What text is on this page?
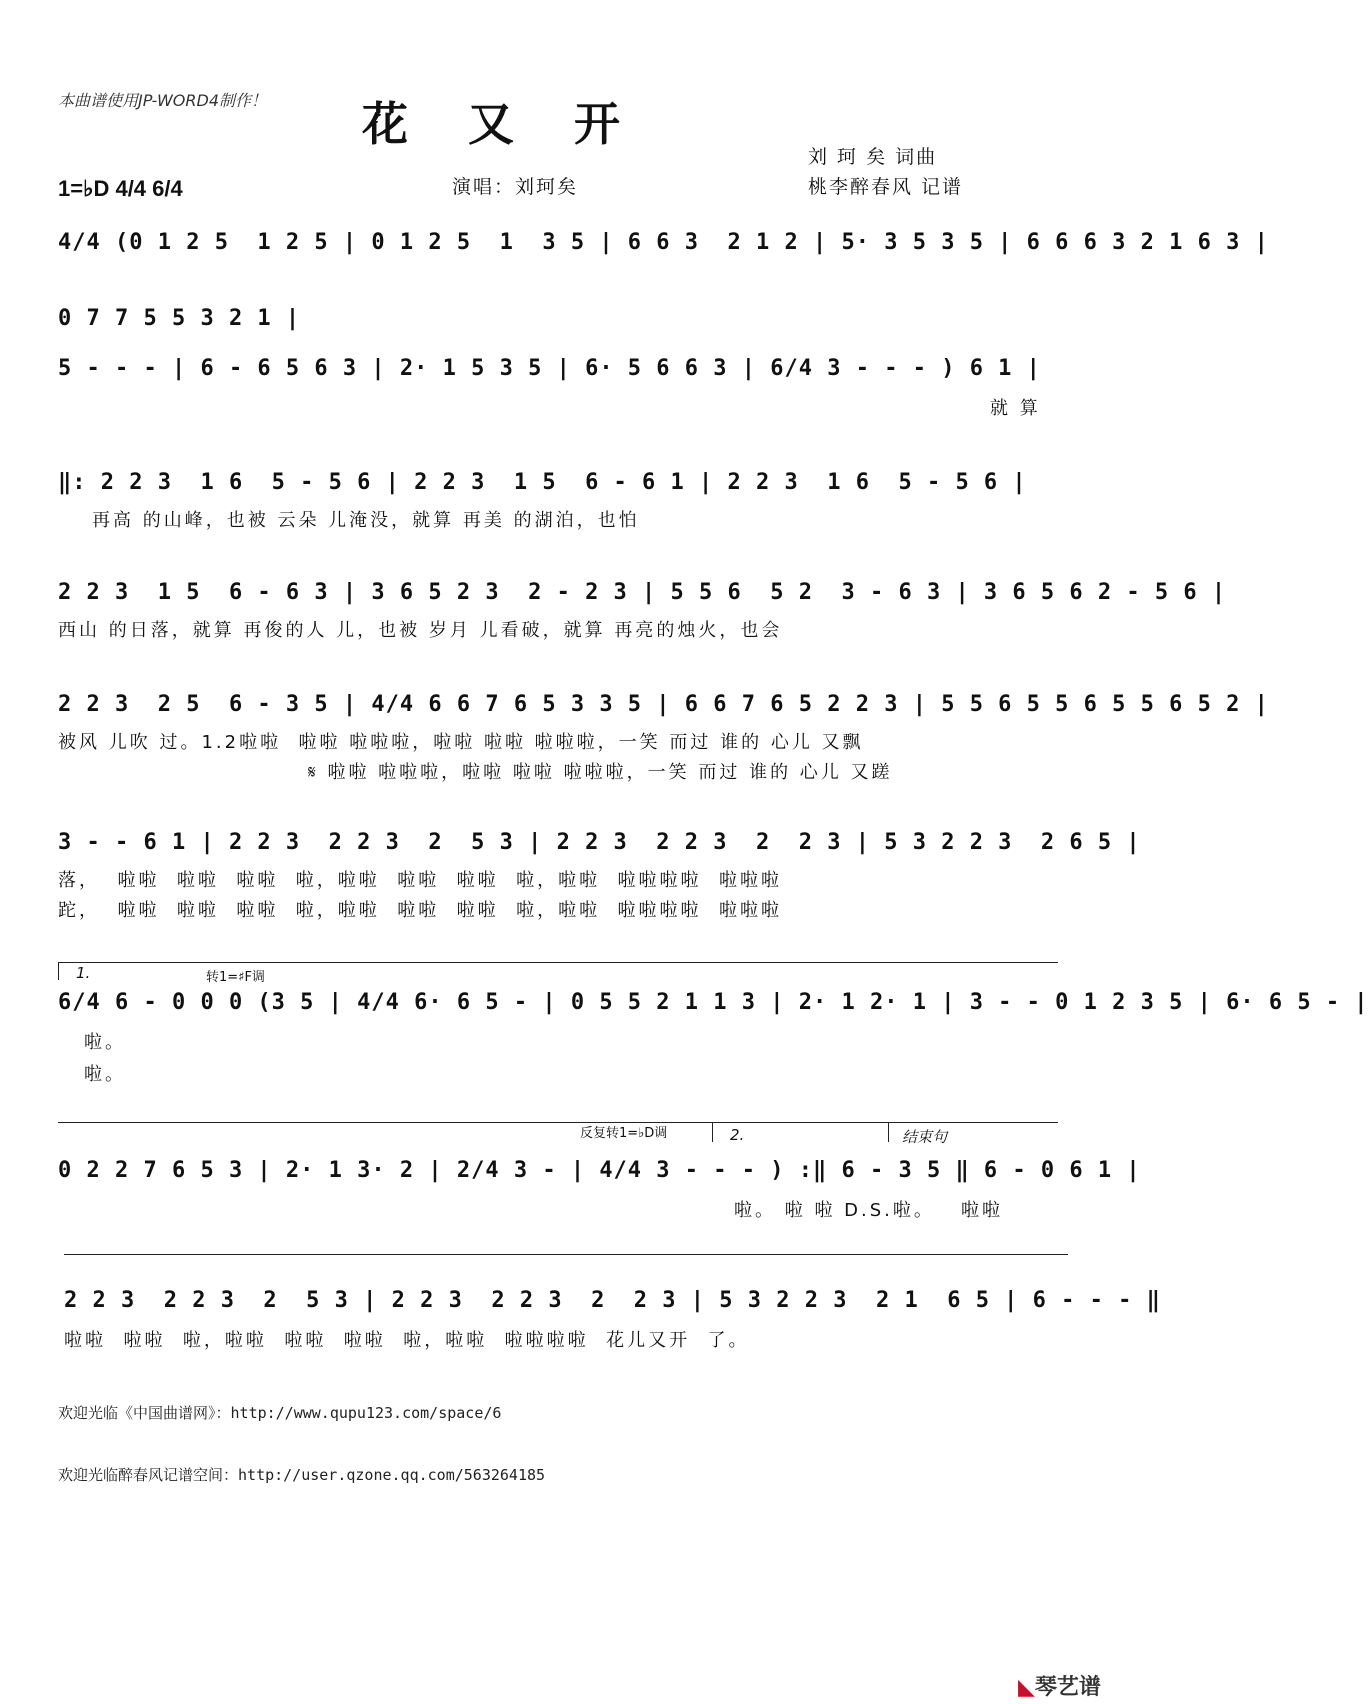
本曲谱使用JP-WORD4制作！ 花又开
刘 珂 矣 词曲
1=♭D 4/4 6/4	演唱：刘珂矣	桃李醉春风 记谱
4/4 (0 1 2 5  1 2 5 | 0 1 2 5  1  3 5 | 6 6 3  2 1 2 | 5· 3 5 3 5 | 6 6 6 3 2 1 6 3 |
0 7 7 5 5 3 2 1 |
5 - - - | 6 - 6 5 6 3 | 2· 1 5 3 5 | 6· 5 6 6 3 | 6/4 3 - - - ) 6 1 |
就 算
‖: 2 2 3  1 6  5 - 5 6 | 2 2 3  1 5  6 - 6 1 | 2 2 3  1 6  5 - 5 6 |
再高 的山峰，也被 云朵 儿淹没，就算 再美 的湖泊，也怕
2 2 3  1 5  6 - 6 3 | 3 6 5 2 3  2 - 2 3 | 5 5 6  5 2  3 - 6 3 | 3 6 5 6 2 - 5 6 |
西山 的日落，就算 再俊的人 儿，也被 岁月 儿看破，就算 再亮的烛火，也会
2 2 3  2 5  6 - 3 5 | 4/4 6 6 7 6 5 3 3 5 | 6 6 7 6 5 2 2 3 | 5 5 6 5 5 6 5 5 6 5 2 |
被风 儿吹 过。1.2啦啦  啦啦 啦啦啦，啦啦 啦啦 啦啦啦，一笑 而过 谁的 心儿 又飘
𝄋 啦啦 啦啦啦，啦啦 啦啦 啦啦啦，一笑 而过 谁的 心儿 又蹉
3 - - 6 1 | 2 2 3  2 2 3  2  5 3 | 2 2 3  2 2 3  2  2 3 | 5 3 2 2 3  2 6 5 |
落，  啦啦  啦啦  啦啦  啦，啦啦  啦啦  啦啦  啦，啦啦  啦啦啦啦  啦啦啦
跎，  啦啦  啦啦  啦啦  啦，啦啦  啦啦  啦啦  啦，啦啦  啦啦啦啦  啦啦啦
1.	转1=♯F调
6/4 6 - 0 0 0 (3 5 | 4/4 6· 6 5 - | 0 5 5 2 1 1 3 | 2· 1 2· 1 | 3 - - 0 1 2 3 5 | 6· 6 5 - |
啦。
啦。
反复转1=♭D调	2.	结束句
0 2 2 7 6 5 3 | 2· 1 3· 2 | 2/4 3 - | 4/4 3 - - - ) :‖ 6 - 3 5 ‖ 6 - 0 6 1 |
啦。 啦 啦 D.S.啦。   啦啦
2 2 3  2 2 3  2  5 3 | 2 2 3  2 2 3  2  2 3 | 5 3 2 2 3  2 1  6 5 | 6 - - - ‖
啦啦  啦啦  啦，啦啦  啦啦  啦啦  啦，啦啦  啦啦啦啦  花儿又开  了。
欢迎光临《中国曲谱网》：http://www.qupu123.com/space/6
欢迎光临醉春风记谱空间：http://user.qzone.qq.com/563264185
◣琴艺谱
